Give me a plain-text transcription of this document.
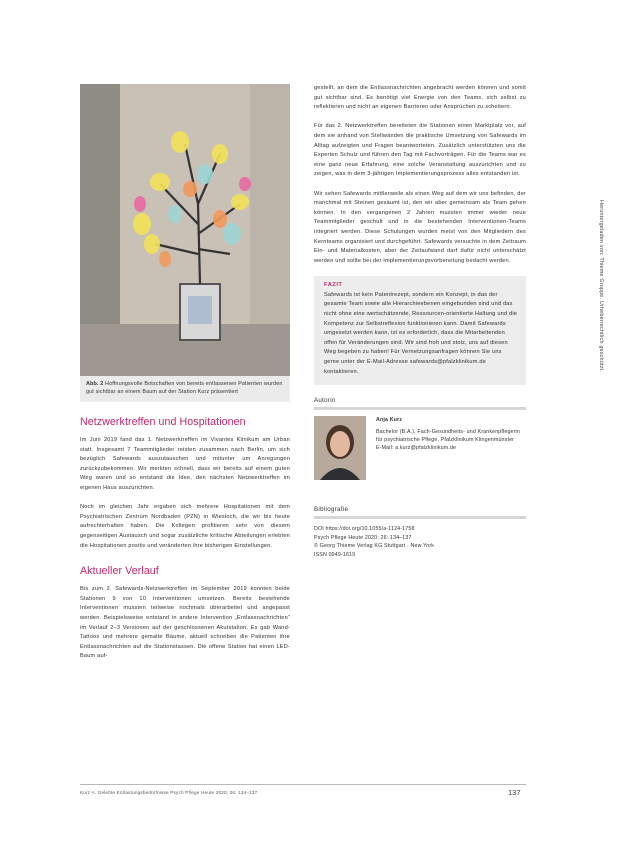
Abb. 2 Hoffnungsvolle Botschaften von bereits entlassenen Patienten wurden gut sichtbar an einem Baum auf der Station Kurz präsentiert

Netzwerktreffen und Hospitationen

Im Juni 2019 fand das 1. Netzwerktreffen im Vivantes Klinikum am Urban statt. Insgesamt 7 Teammitglieder reisten zusammen nach Berlin, um sich bezüglich Safewards auszutauschen und mitunter um Anregungen zurückzubekommen. Wir merkten schnell, dass wir bereits auf einem guten Weg waren und so entstand die Idee, den nächsten Netzwerktreffen im eigenen Haus auszurichten.

Noch im gleichen Jahr ergaben sich mehrere Hospitationen mit dem Psychiatrischen Zentrum Nordbaden (PZN) in Wiesloch, die wir bis heute aufrechterhalten haben. Die Kollegen profitieren sehr von diesem gegenseitigen Austausch und sogar zusätzliche kritische Abteilungen erlebten die Hospitationen positiv und veränderten ihre bisherigen Einstellungen.

Aktueller Verlauf

Bis zum 2. Safewards-Netzwerktreffen im September 2019 konnten beide Stationen 9 von 10 Interventionen umsetzen. Bereits bestehende Interventionen mussten teilweise nochmals überarbeitet und angepasst werden. Beispielsweise entstand in andere Intervention „Entlassnachrichten“ im Verlauf 2–3 Versionen auf der geschlossenen Akutstation. Es gab Wand-Tattoos und mehrere gemalte Bäume, aktuell schreiben die Patienten ihre Entlassnachrichten auf die Stationstassen. Die offene Station hat einen LED-Baum auf-

gestellt, an dem die Entlassnachrichten angebracht werden können und somit gut sichtbar sind. Es benötigt viel Energie von den Teams, sich selbst zu reflektieren und nicht an eigenen Barrieren oder Ansprüchen zu scheitern.

Für das 2. Netzwerktreffen bereiteten die Stationen einen Marktplatz vor, auf dem sie anhand von Stellwänden die praktische Umsetzung von Safewards im Alltag aufzeigten und Fragen beantworteten. Zusätzlich unterstützten uns die Experten Schulz und führen den Tag mit Fachvorträgen. Für die Teams war es eine ganz neue Erfahrung, eine solche Veranstaltung auszurichten und zu zeigen, was in dem 3-jährigen Implementierungsprozess alles entstanden ist.

Wir sehen Safewards mittlerweile als einen Weg auf dem wir uns befinden, der manchmal mit Steinen gesäumt ist, den wir aber gemeinsam als Team gehen können. In den vergangenen 2 Jahren mussten immer wieder neue Teammitglieder geschult und in die bestehenden Interventionen-Teams integriert werden. Diese Schulungen wurden meist von den Mitgliedern des Kernteams organisiert und durchgeführt. Safewards versuchte in dem Zeitraum Ein- und Materialkosten, aber der Zeitaufwand darf dafür nicht unterschätzt werden und sollte bei der Implementierungsvorbereitung bedacht werden.

FAZIT

Safewards ist kein Patentrezept, sondern ein Konzept, in das der gesamte Team sowie alle Hierarchieebenen eingebunden sind und das nicht ohne eine wertschätzende, Ressourcen-orientierte Haltung und die Kompetenz zur Selbstreflexion funktionieren kann. Damit Safewards umgesetzt werden kann, ist es erforderlich, dass die Mitarbeitenden offen für Veränderungen sind. Wir sind froh und stolz, uns auf diesen Weg begeben zu haben! Für Vernetzungsanfragen können Sie uns gerne unter der E-Mail-Adresse safewards@pfalzklinikum.de kontaktieren.

Autorin
Anja Kurz
Bachelor (B.A.), Fach-Gesundheits- und Krankenpflegerin für psychiatrische Pflege, Pfalzklinikum Klingenmünster
E-Mail: a.kurz@pfalzklinikum.de
Bibliografie

DOI https://doi.org/10.1055/a-1124-1758

Psych Pflege Heute 2020; 26: 134–137

© Georg Thieme Verlag KG Stuttgart · New York

ISSN 0949-1619

Kurz A. Gelebte Entlastungsbedürfnisse Psych Pflege Heute 2020; 26: 134–137	137
Heruntergeladen von: Thieme Gruppe. Urheberrechtlich geschützt.
